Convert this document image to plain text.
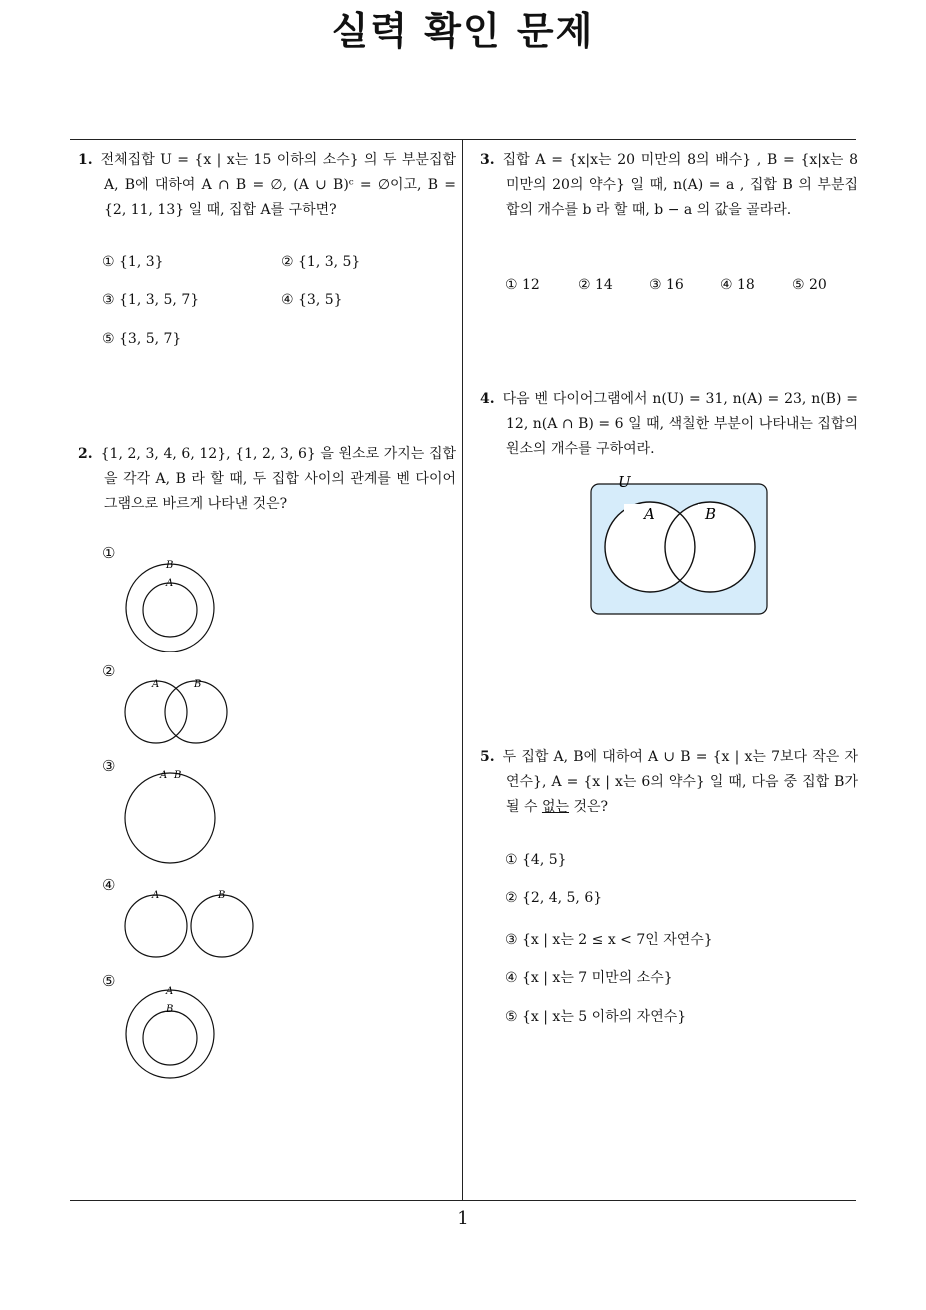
실력 확인 문제
1. 전체집합 U = {x | x는 15 이하의 소수} 의 두 부분집합 A, B에 대하여 A ∩ B = ∅, (A ∪ B)ᶜ = ∅이고, B = {2, 11, 13} 일 때, 집합 A를 구하면?
① {1, 3}	② {1, 3, 5}
③ {1, 3, 5, 7}	④ {3, 5}
⑤ {3, 5, 7}
2. {1, 2, 3, 4, 6, 12}, {1, 2, 3, 6} 을 원소로 가지는 집합을 각각 A, B 라 할 때, 두 집합 사이의 관계를 벤 다이어그램으로 바르게 나타낸 것은?
①
B
A
②
A	B
③
A B
④
A	B
⑤
A
B
3. 집합 A = {x|x는 20 미만의 8의 배수} , B = {x|x는 8 미만의 20의 약수} 일 때, n(A) = a , 집합 B 의 부분집합의 개수를 b 라 할 때, b − a 의 값을 골라라.
① 12	② 14	③ 16	④ 18	⑤ 20
4. 다음 벤 다이어그램에서 n(U) = 31, n(A) = 23, n(B) = 12, n(A ∩ B) = 6 일 때, 색칠한 부분이 나타내는 집합의 원소의 개수를 구하여라.
U
A	B
5. 두 집합 A, B에 대하여 A ∪ B = {x | x는 7보다 작은 자연수}, A = {x | x는 6의 약수} 일 때, 다음 중 집합 B가 될 수 없는 것은?
① {4, 5}
② {2, 4, 5, 6}
③ {x | x는 2 ≤ x < 7인 자연수}
④ {x | x는 7 미만의 소수}
⑤ {x | x는 5 이하의 자연수}
1
